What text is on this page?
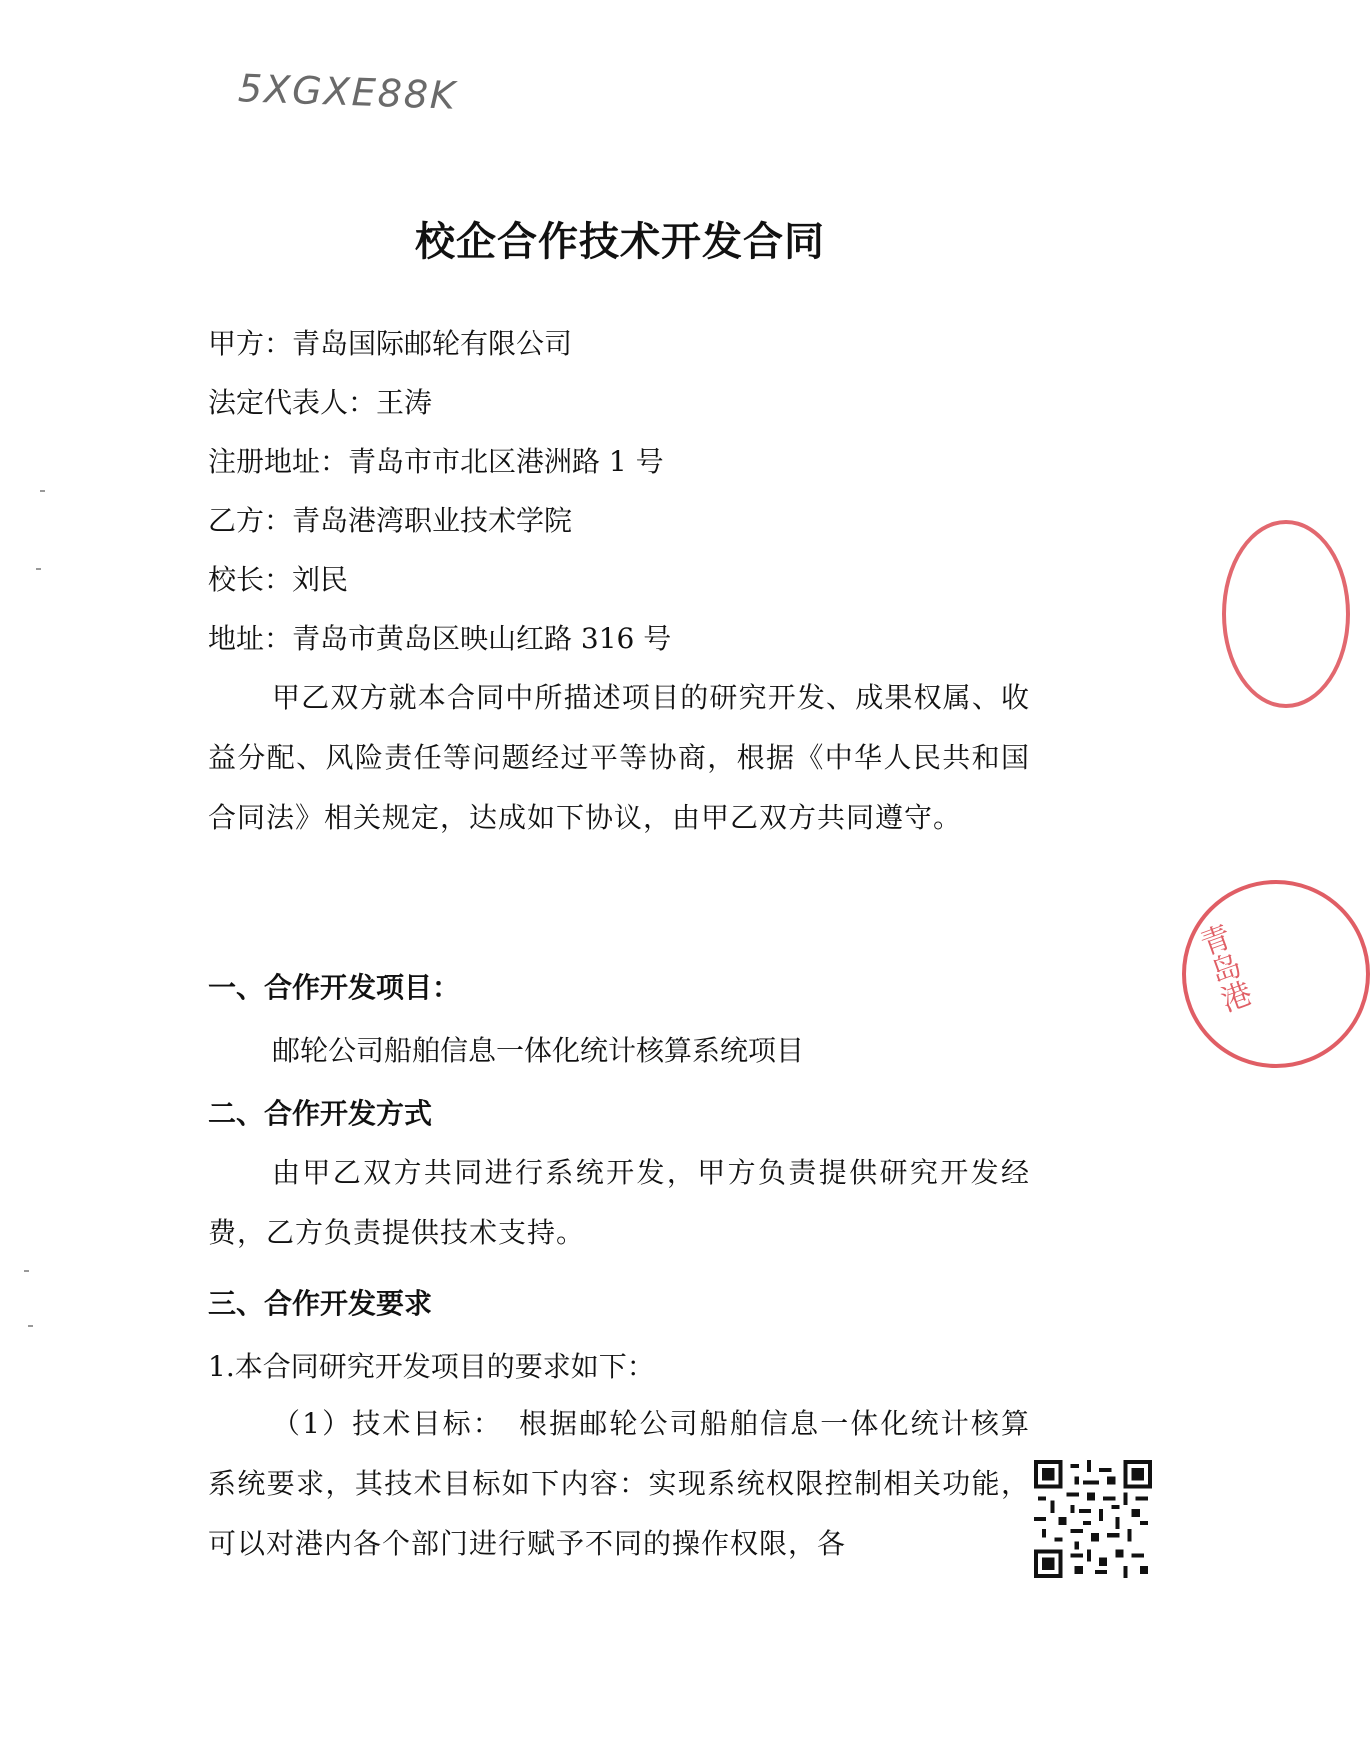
5XGXE88K
校企合作技术开发合同
甲方：青岛国际邮轮有限公司
法定代表人：王涛
注册地址：青岛市市北区港洲路 1 号
乙方：青岛港湾职业技术学院
校长：刘民
地址：青岛市黄岛区映山红路 316 号
甲乙双方就本合同中所描述项目的研究开发、成果权属、收益分配、风险责任等问题经过平等协商，根据《中华人民共和国合同法》相关规定，达成如下协议，由甲乙双方共同遵守。
一、合作开发项目：
邮轮公司船舶信息一体化统计核算系统项目
二、合作开发方式
由甲乙双方共同进行系统开发，甲方负责提供研究开发经费，乙方负责提供技术支持。
三、合作开发要求
1.本合同研究开发项目的要求如下：
（1）技术目标：　根据邮轮公司船舶信息一体化统计核算系统要求，其技术目标如下内容：实现系统权限控制相关功能，可以对港内各个部门进行赋予不同的操作权限，各
青岛港
